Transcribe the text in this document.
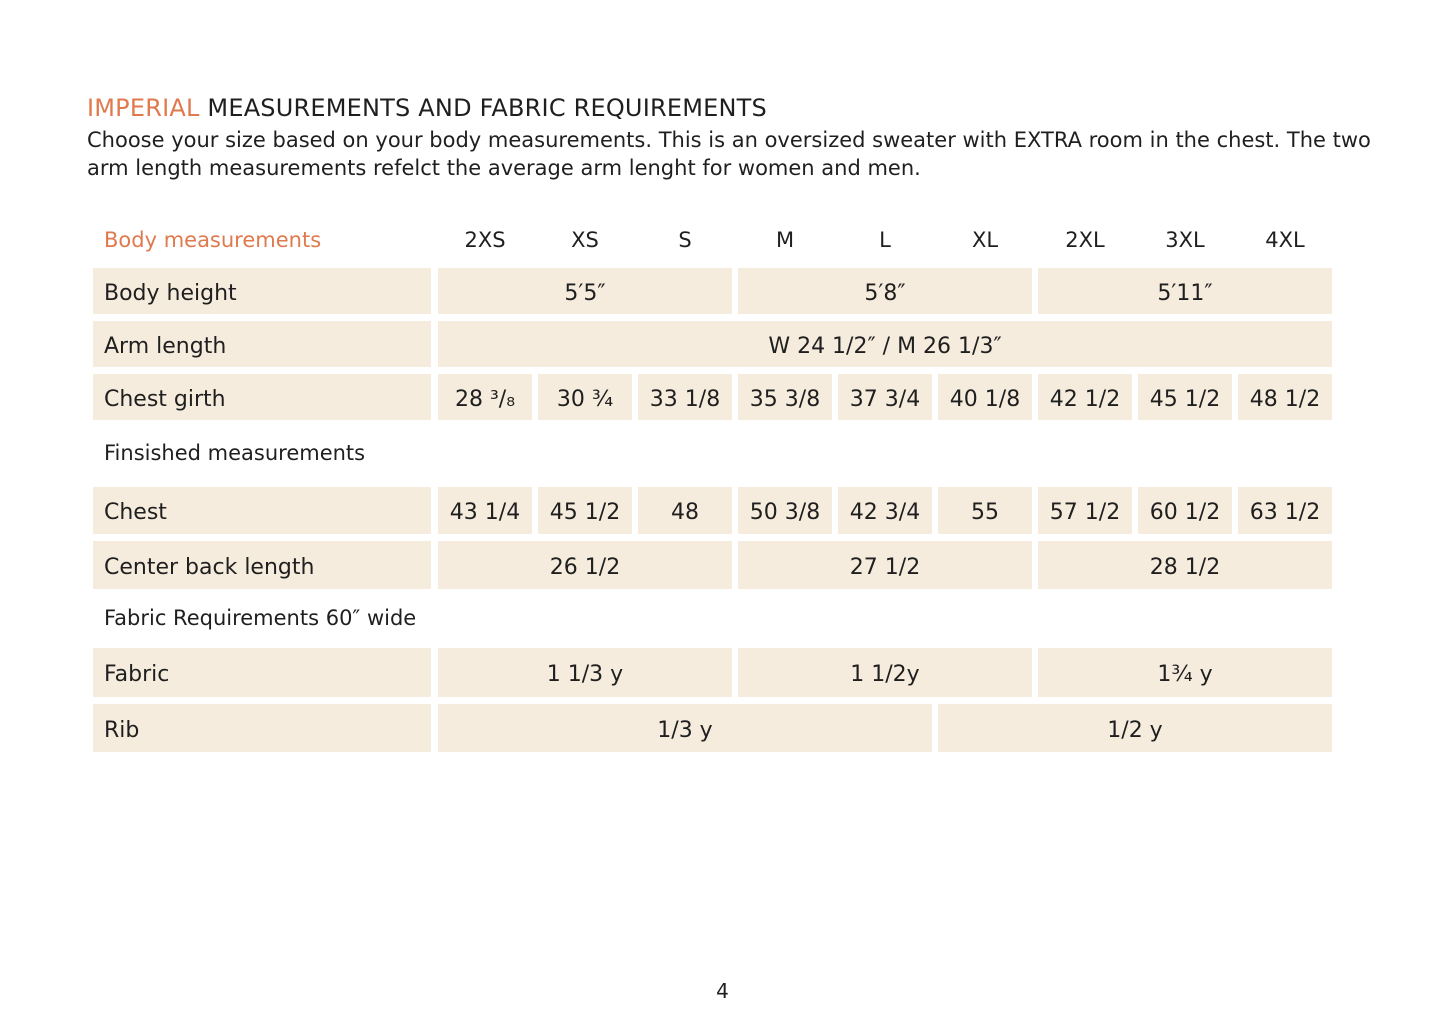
IMPERIAL MEASUREMENTS AND FABRIC REQUIREMENTS
Choose your size based on your body measurements. This is an oversized sweater with EXTRA room in the chest. The two
arm length measurements refelct the average arm lenght for women and men.
Body measurements	2XS	XS	S	M	L	XL	2XL	3XL	4XL
Body height	5′5″	5′8″	5′11″
Arm length	W 24 1/2″ / M 26 1/3″
Chest girth	28 ³/₈	30 ¾	33 1/8	35 3/8	37 3/4	40 1/8	42 1/2	45 1/2	48 1/2
Finsished measurements
Chest	43 1/4	45 1/2	48	50 3/8	42 3/4	55	57 1/2	60 1/2	63 1/2
Center back length	26 1/2	27 1/2	28 1/2
Fabric Requirements 60″ wide
Fabric	1 1/3 y	1 1/2y	1¾ y
Rib	1/3 y	1/2 y
4
